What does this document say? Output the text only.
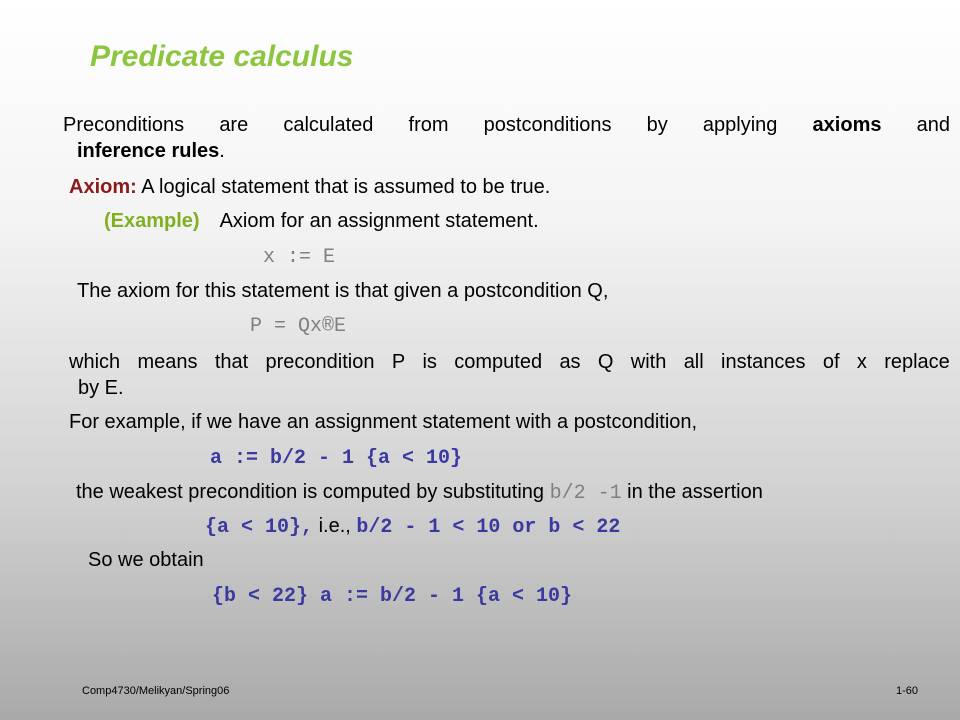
Predicate calculus
Preconditions are calculated from postconditions by applying axioms and
inference rules.
Axiom: A logical statement that is assumed to be true.
(Example) Axiom for an assignment statement.
x := E
The axiom for this statement is that given a postcondition Q,
P = Qx®E
which means that precondition P is computed as Q with all instances of x replace
by E.
For example, if we have an assignment statement with a postcondition,
a := b/2 - 1 {a < 10}
the weakest precondition is computed by substituting b/2 -1 in the assertion
{a < 10}, i.e., b/2 - 1 < 10 or b < 22
So we obtain
{b < 22} a := b/2 - 1 {a < 10}
Comp4730/Melikyan/Spring06	1-60
